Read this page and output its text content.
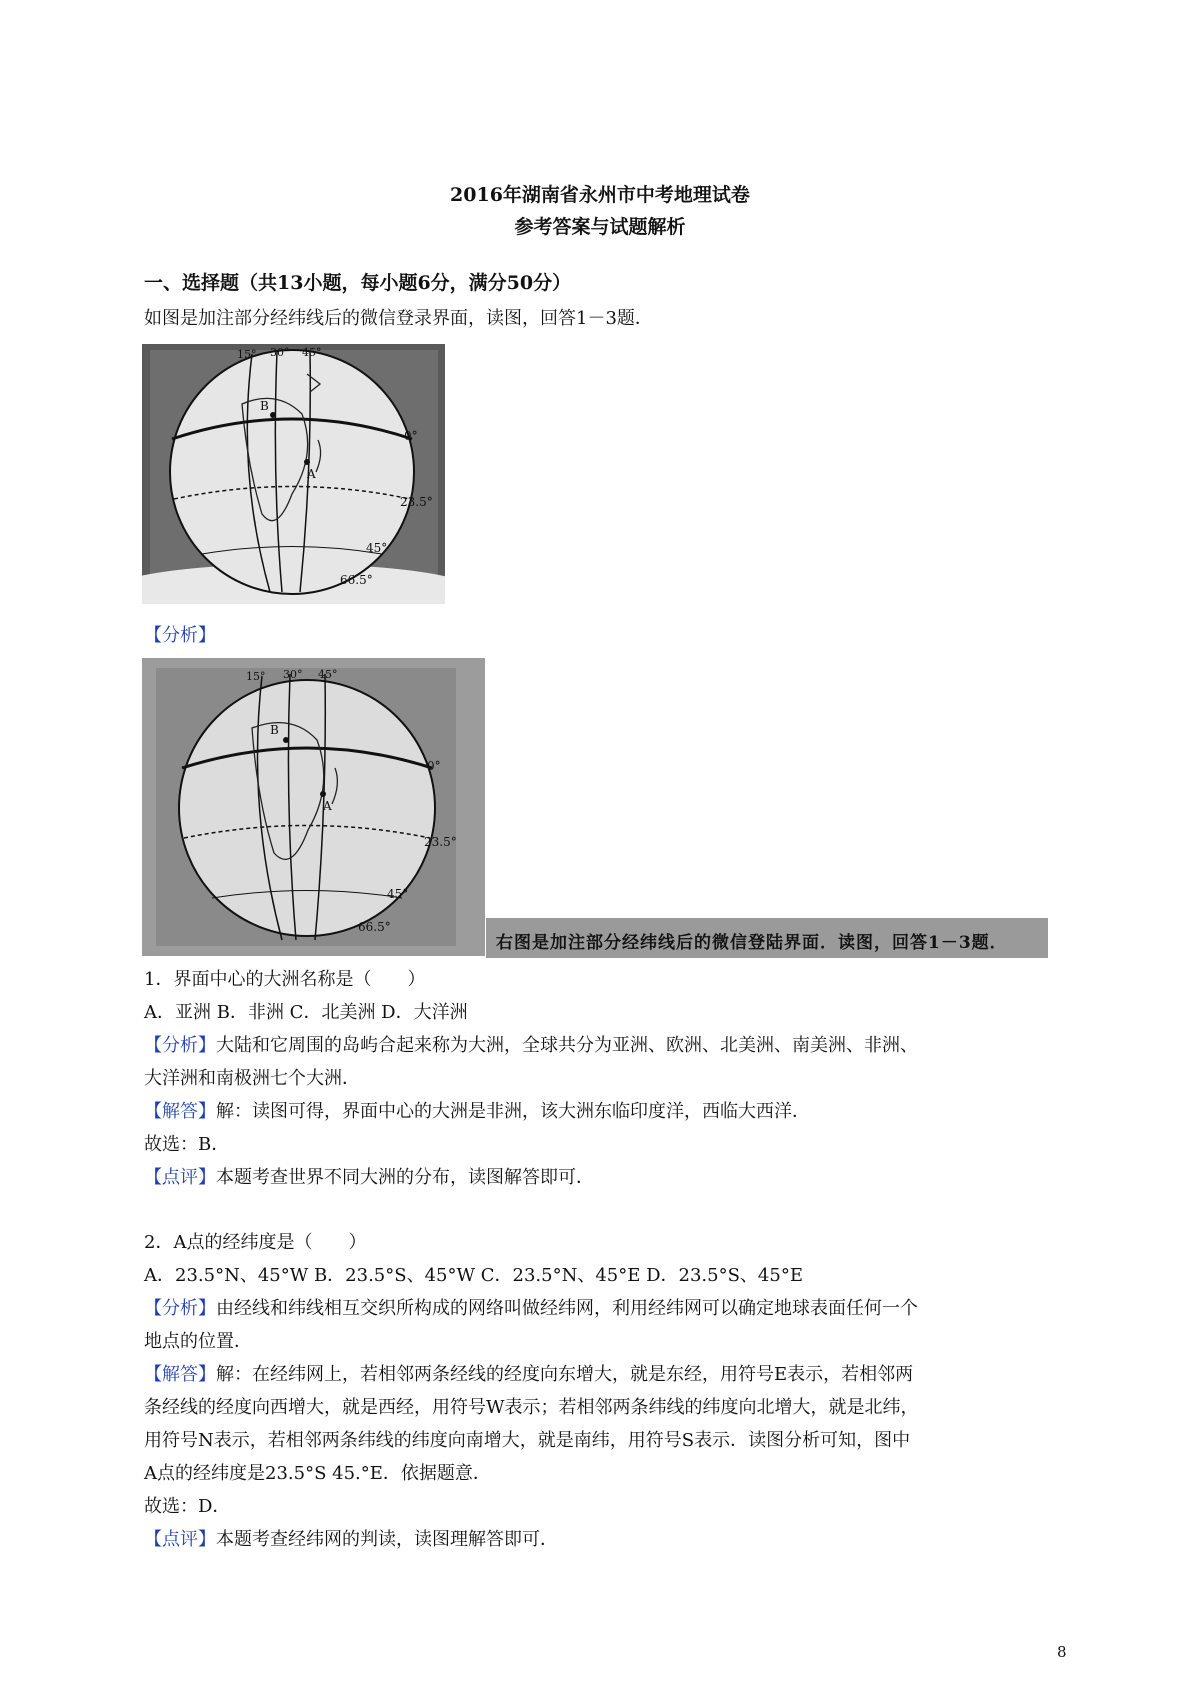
2016年湖南省永州市中考地理试卷
参考答案与试题解析
一、选择题（共13小题，每小题6分，满分50分）
如图是加注部分经纬线后的微信登录界面，读图，回答1－3题．
15° 30° 45°
B
A
0°
23.5°
45°
66.5°
【分析】
15° 30° 45°
B
A
0°
23.5°
45°
66.5°
右图是加注部分经纬线后的微信登陆界面．读图，回答1－3题．
1．界面中心的大洲名称是（　　）
A．亚洲 B．非洲 C．北美洲 D．大洋洲
【分析】大陆和它周围的岛屿合起来称为大洲，全球共分为亚洲、欧洲、北美洲、南美洲、非洲、
大洋洲和南极洲七个大洲．
【解答】解：读图可得，界面中心的大洲是非洲，该大洲东临印度洋，西临大西洋．
故选：B．
【点评】本题考查世界不同大洲的分布，读图解答即可．
2．A点的经纬度是（　　）
A．23.5°N、45°W B．23.5°S、45°W C．23.5°N、45°E D．23.5°S、45°E
【分析】由经线和纬线相互交织所构成的网络叫做经纬网，利用经纬网可以确定地球表面任何一个
地点的位置．
【解答】解：在经纬网上，若相邻两条经线的经度向东增大，就是东经，用符号E表示，若相邻两
条经线的经度向西增大，就是西经，用符号W表示；若相邻两条纬线的纬度向北增大，就是北纬，
用符号N表示，若相邻两条纬线的纬度向南增大，就是南纬，用符号S表示．读图分析可知，图中
A点的经纬度是23.5°S 45.°E．依据题意．
故选：D．
【点评】本题考查经纬网的判读，读图理解答即可．
8
